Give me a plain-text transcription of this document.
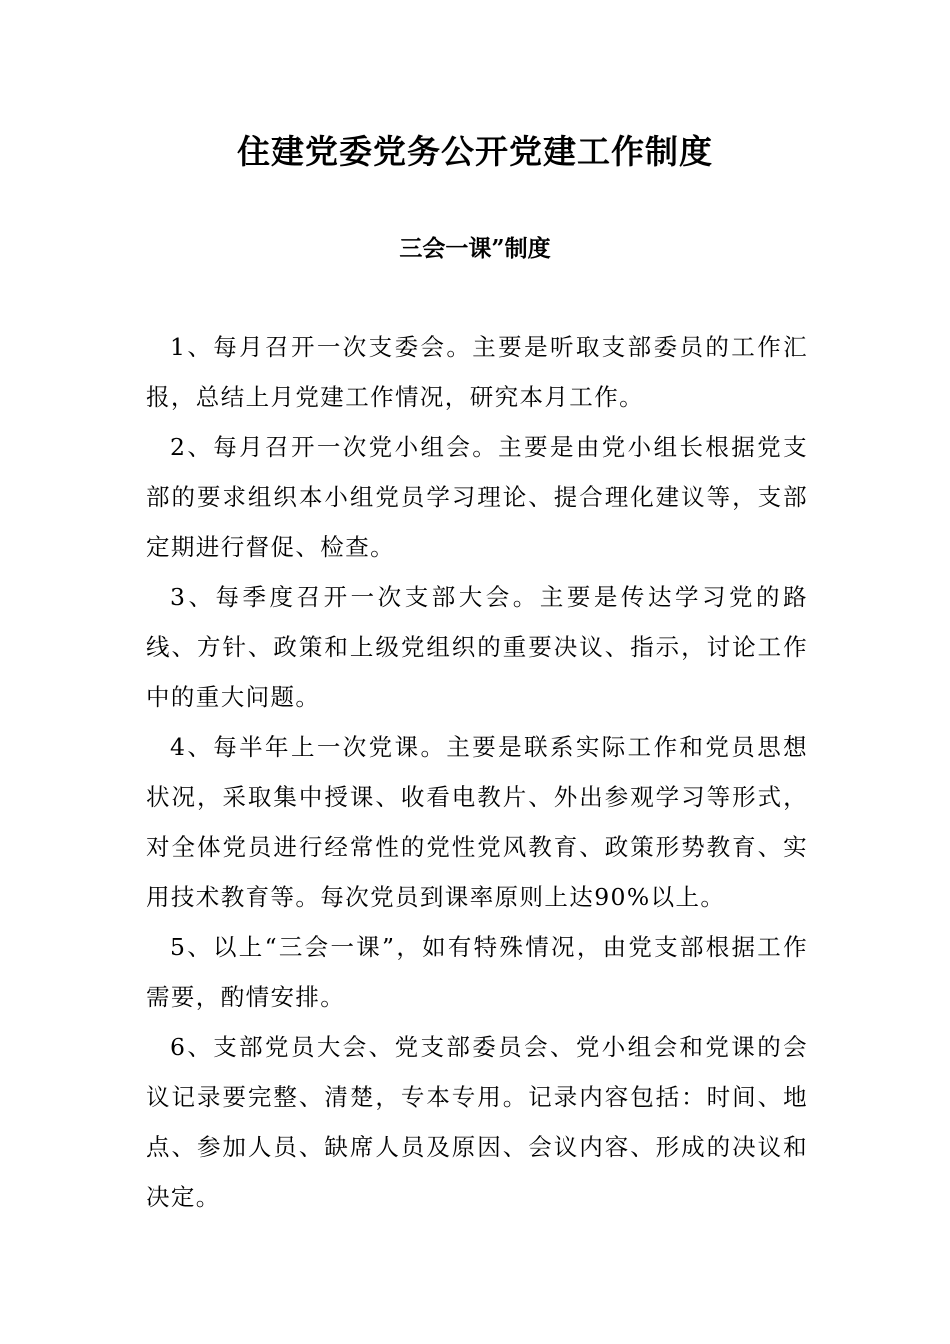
住建党委党务公开党建工作制度
三会一课”制度

1、每月召开一次支委会。主要是听取支部委员的工作汇报，总结上月党建工作情况，研究本月工作。

2、每月召开一次党小组会。主要是由党小组长根据党支部的要求组织本小组党员学习理论、提合理化建议等，支部定期进行督促、检查。

3、每季度召开一次支部大会。主要是传达学习党的路线、方针、政策和上级党组织的重要决议、指示，讨论工作中的重大问题。

4、每半年上一次党课。主要是联系实际工作和党员思想状况，采取集中授课、收看电教片、外出参观学习等形式，对全体党员进行经常性的党性党风教育、政策形势教育、实用技术教育等。每次党员到课率原则上达90%以上。

5、以上“三会一课”，如有特殊情况，由党支部根据工作需要，酌情安排。

6、支部党员大会、党支部委员会、党小组会和党课的会议记录要完整、清楚，专本专用。记录内容包括：时间、地点、参加人员、缺席人员及原因、会议内容、形成的决议和决定。
